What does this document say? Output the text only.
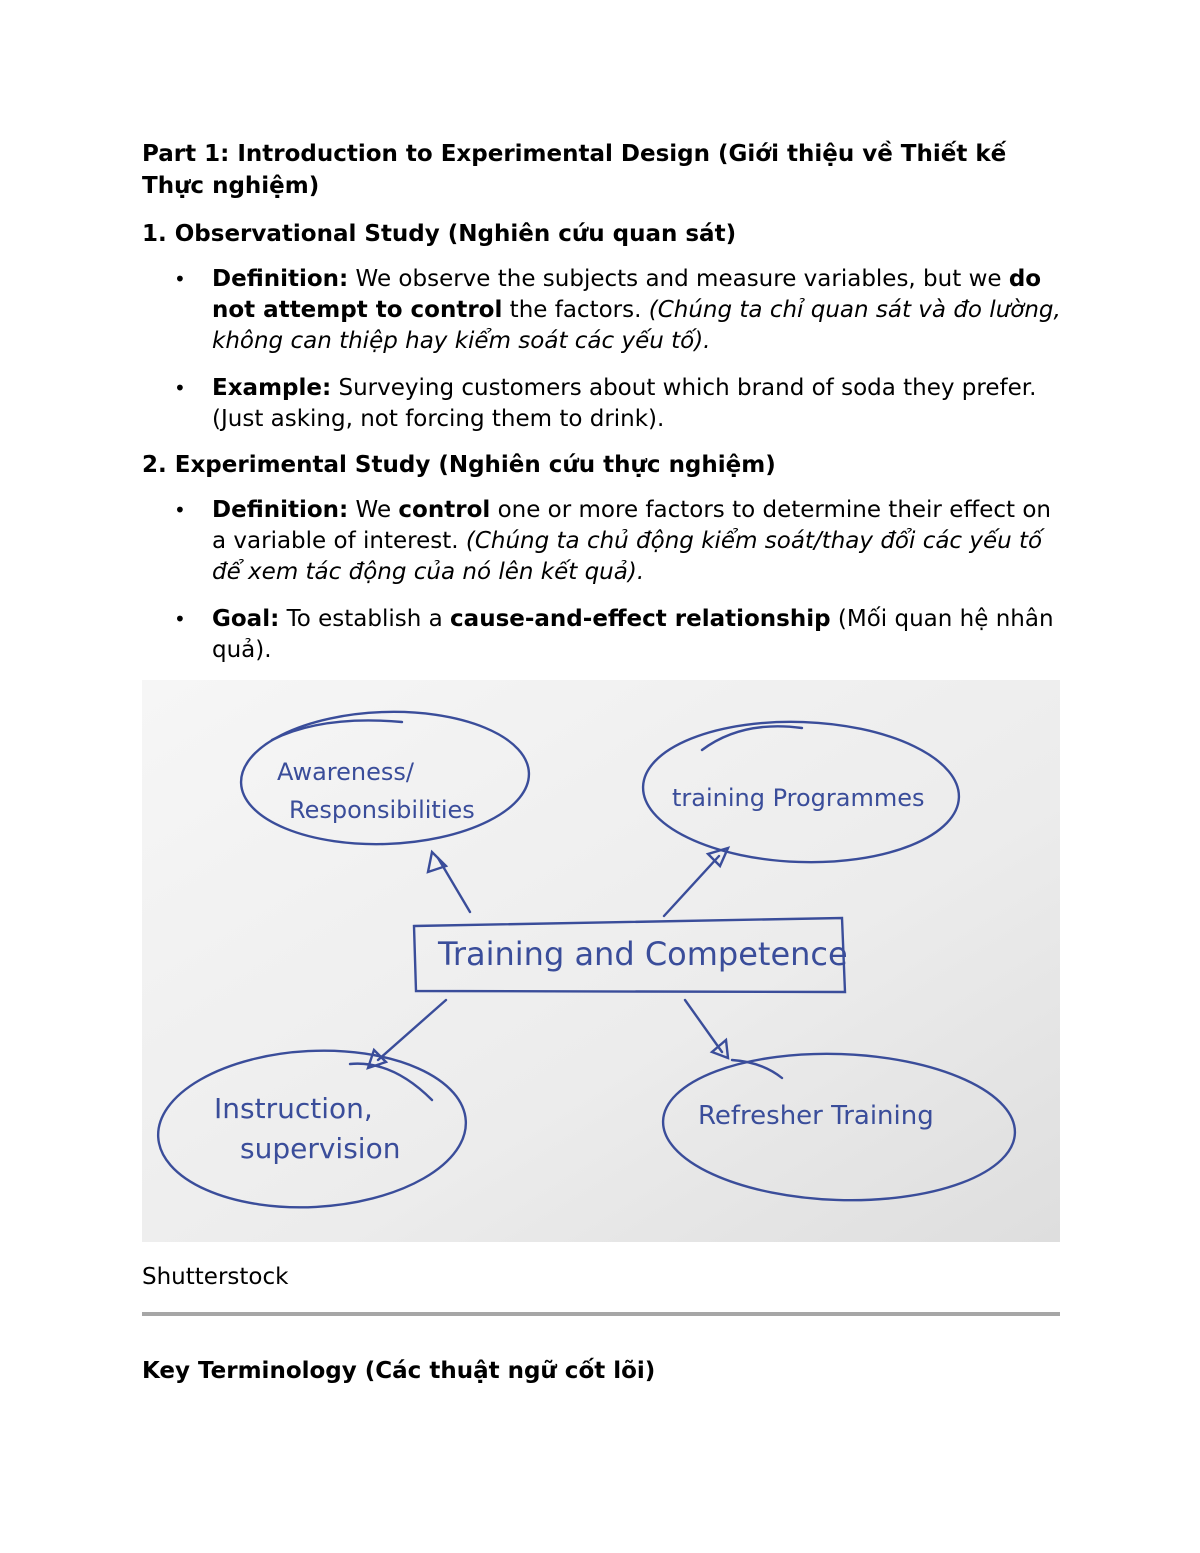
Part 1: Introduction to Experimental Design (Giới thiệu về Thiết kế Thực nghiệm)
1. Observational Study (Nghiên cứu quan sát)
• Definition: We observe the subjects and measure variables, but we do not attempt to control the factors. (Chúng ta chỉ quan sát và đo lường, không can thiệp hay kiểm soát các yếu tố).
• Example: Surveying customers about which brand of soda they prefer. (Just asking, not forcing them to drink).
2. Experimental Study (Nghiên cứu thực nghiệm)
• Definition: We control one or more factors to determine their effect on a variable of interest. (Chúng ta chủ động kiểm soát/thay đổi các yếu tố để xem tác động của nó lên kết quả).
• Goal: To establish a cause-and-effect relationship (Mối quan hệ nhân quả).
Awareness/
Responsibilities	training Programmes
Training and Competence
Instruction,
supervision
Refresher Training
Shutterstock
Key Terminology (Các thuật ngữ cốt lõi)
